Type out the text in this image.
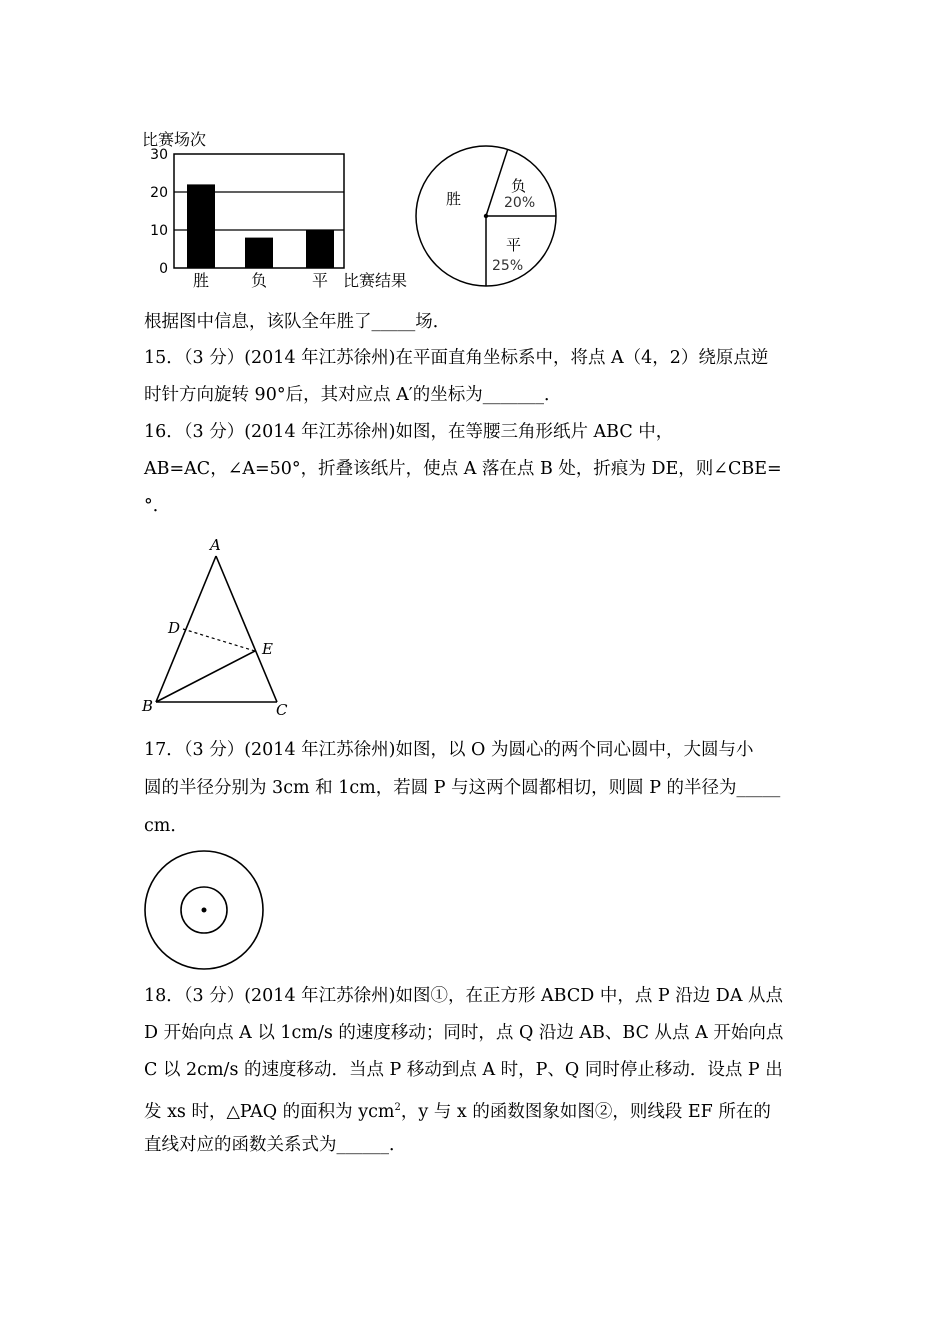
比赛场次
0
10
20
30
胜	负	平 比赛结果
胜
负
20%
平
25%
根据图中信息，该队全年胜了_____场．
15．（3 分）(2014 年江苏徐州)在平面直角坐标系中，将点 A（4，2）绕原点逆
时针方向旋转 90°后，其对应点 A′的坐标为_______．
16．（3 分）(2014 年江苏徐州)如图，在等腰三角形纸片 ABC 中，
AB=AC，∠A=50°，折叠该纸片，使点 A 落在点 B 处，折痕为 DE，则∠CBE=
°．
A
D
E
B	C
17．（3 分）(2014 年江苏徐州)如图，以 O 为圆心的两个同心圆中，大圆与小
圆的半径分别为 3cm 和 1cm，若圆 P 与这两个圆都相切，则圆 P 的半径为_____
cm．
18．（3 分）(2014 年江苏徐州)如图①，在正方形 ABCD 中，点 P 沿边 DA 从点
D 开始向点 A 以 1cm/s 的速度移动；同时，点 Q 沿边 AB、BC 从点 A 开始向点
C 以 2cm/s 的速度移动．当点 P 移动到点 A 时，P、Q 同时停止移动．设点 P 出
发 xs 时，△PAQ 的面积为 ycm$^2$，y 与 x 的函数图象如图②，则线段 EF 所在的
直线对应的函数关系式为______．
